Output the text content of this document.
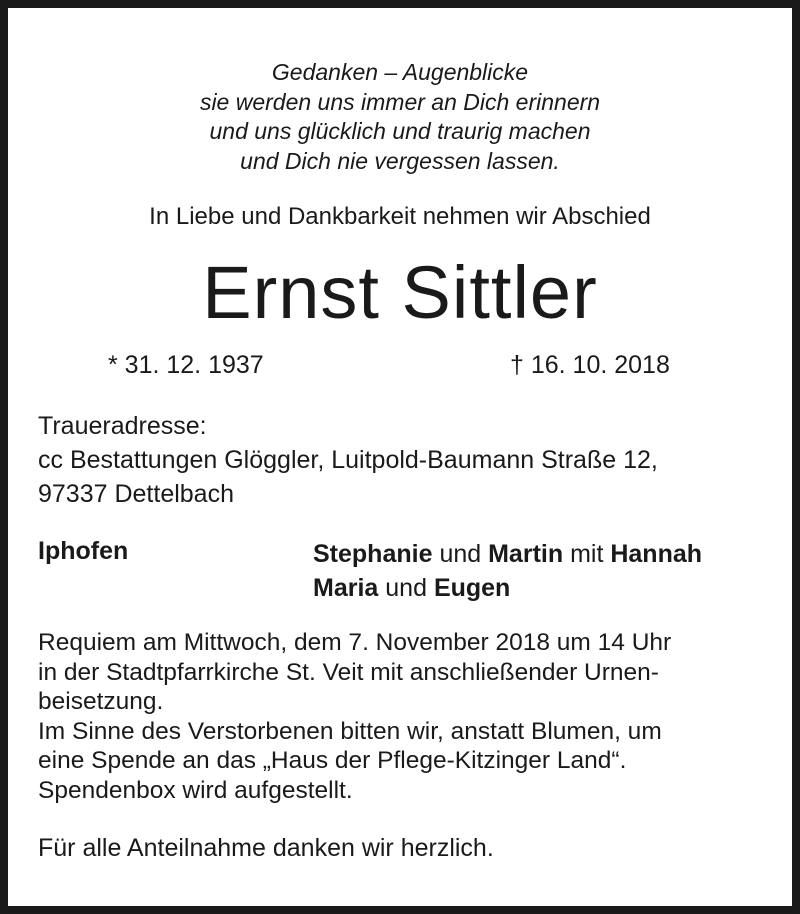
Gedanken – Augenblicke
sie werden uns immer an Dich erinnern
und uns glücklich und traurig machen
und Dich nie vergessen lassen.
In Liebe und Dankbarkeit nehmen wir Abschied
Ernst Sittler
* 31. 12. 1937	† 16. 10. 2018
Traueradresse:
cc Bestattungen Glöggler, Luitpold-Baumann Straße 12,
97337 Dettelbach
Iphofen	Stephanie und Martin mit Hannah
Maria und Eugen
Requiem am Mittwoch, dem 7. November 2018 um 14 Uhr
in der Stadtpfarrkirche St. Veit mit anschließender Urnen-
beisetzung.
Im Sinne des Verstorbenen bitten wir, anstatt Blumen, um
eine Spende an das „Haus der Pflege-Kitzinger Land“.
Spendenbox wird aufgestellt.
Für alle Anteilnahme danken wir herzlich.
